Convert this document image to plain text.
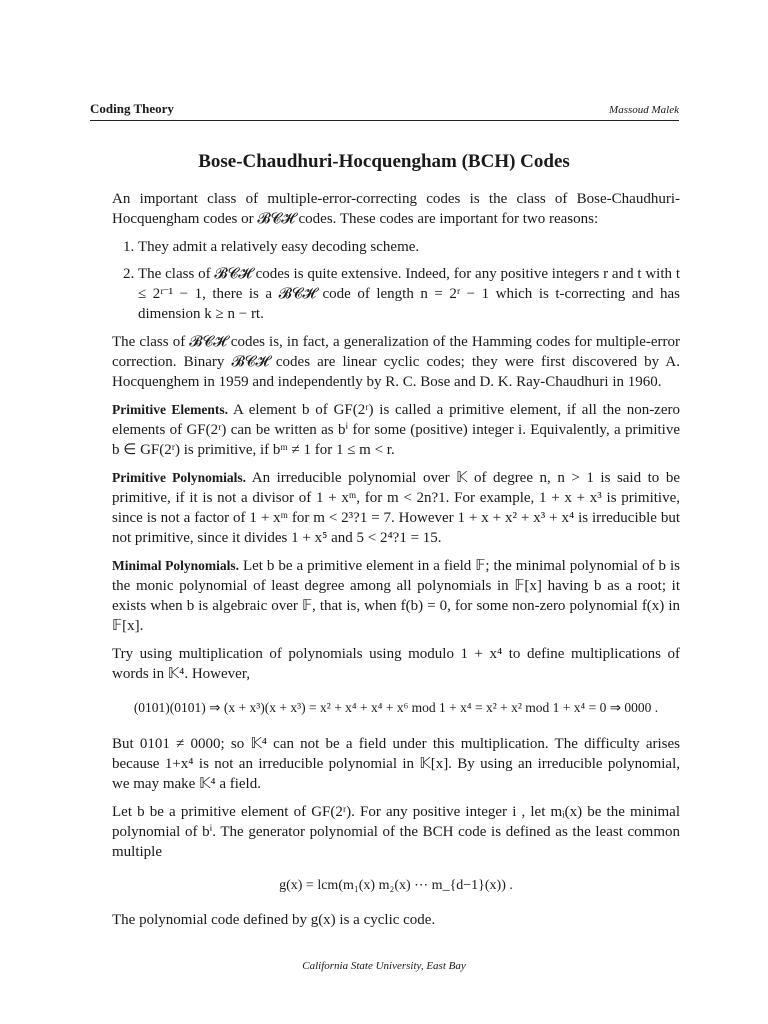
Coding Theory	Massoud Malek
Bose-Chaudhuri-Hocquengham (BCH) Codes

An important class of multiple-error-correcting codes is the class of Bose-Chaudhuri-Hocquengham codes or 𝓑𝓒𝓗 codes. These codes are important for two reasons:

1. They admit a relatively easy decoding scheme.
2. The class of 𝓑𝓒𝓗 codes is quite extensive. Indeed, for any positive integers r and t with t ≤ 2ʳ⁻¹ − 1, there is a 𝓑𝓒𝓗 code of length n = 2ʳ − 1 which is t-correcting and has dimension k ≥ n − rt.

The class of 𝓑𝓒𝓗 codes is, in fact, a generalization of the Hamming codes for multiple-error correction. Binary 𝓑𝓒𝓗 codes are linear cyclic codes; they were first discovered by A. Hocquenghem in 1959 and independently by R. C. Bose and D. K. Ray-Chaudhuri in 1960.

Primitive Elements. A element b of GF(2ʳ) is called a primitive element, if all the non-zero elements of GF(2ʳ) can be written as bⁱ for some (positive) integer i. Equivalently, a primitive b ∈ GF(2ʳ) is primitive, if bᵐ ≠ 1 for 1 ≤ m < r.

Primitive Polynomials. An irreducible polynomial over 𝕂 of degree n, n > 1 is said to be primitive, if it is not a divisor of 1 + xᵐ, for m < 2n?1. For example, 1 + x + x³ is primitive, since is not a factor of 1 + xᵐ for m < 2³?1 = 7. However 1 + x + x² + x³ + x⁴ is irreducible but not primitive, since it divides 1 + x⁵ and 5 < 2⁴?1 = 15.

Minimal Polynomials. Let b be a primitive element in a field 𝔽; the minimal polynomial of b is the monic polynomial of least degree among all polynomials in 𝔽[x] having b as a root; it exists when b is algebraic over 𝔽, that is, when f(b) = 0, for some non-zero polynomial f(x) in 𝔽[x].

Try using multiplication of polynomials using modulo 1 + x⁴ to define multiplications of words in 𝕂⁴. However,

(0101)(0101) ⇒ (x + x³)(x + x³) = x² + x⁴ + x⁴ + x⁶ mod 1 + x⁴ = x² + x² mod 1 + x⁴ = 0 ⇒ 0000 .

But 0101 ≠ 0000; so 𝕂⁴ can not be a field under this multiplication. The difficulty arises because 1+x⁴ is not an irreducible polynomial in 𝕂[x]. By using an irreducible polynomial, we may make 𝕂⁴ a field.

Let b be a primitive element of GF(2ʳ). For any positive integer i , let mᵢ(x) be the minimal polynomial of bⁱ. The generator polynomial of the BCH code is defined as the least common multiple

g(x) = lcm(m₁(x) m₂(x) ⋯ m_{d−1}(x)) .

The polynomial code defined by g(x) is a cyclic code.

California State University, East Bay
